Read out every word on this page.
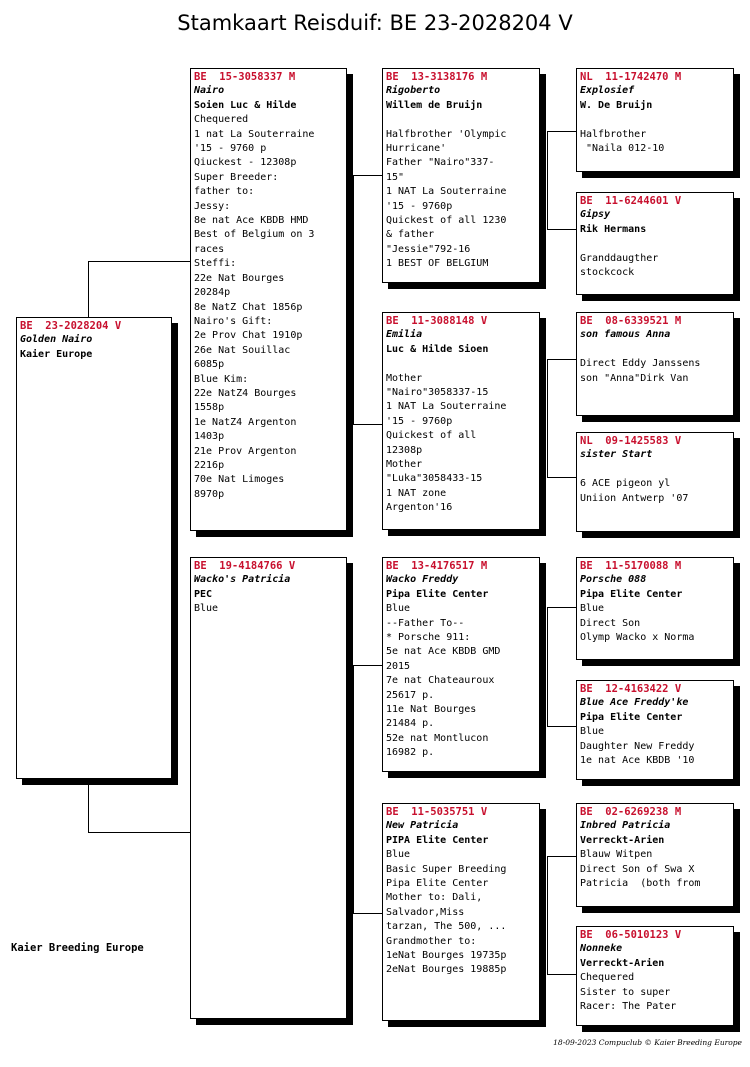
Stamkaart Reisduif: BE 23-2028204 V
BE  23-2028204 V
Golden Nairo
Kaier Europe
BE  15-3058337 M
Nairo
Soien Luc & Hilde
Chequered
1 nat La Souterraine
'15 - 9760 p
Qiuckest - 12308p
Super Breeder:
father to:
Jessy:
8e nat Ace KBDB HMD
Best of Belgium on 3
races
Steffi:
22e Nat Bourges
20284p
8e NatZ Chat 1856p
Nairo's Gift:
2e Prov Chat 1910p
26e Nat Souillac
6085p
Blue Kim:
22e NatZ4 Bourges
1558p
1e NatZ4 Argenton
1403p
21e Prov Argenton
2216p
70e Nat Limoges
8970p
BE  19-4184766 V
Wacko's Patricia
PEC
Blue
BE  13-3138176 M
Rigoberto
Willem de Bruijn

Halfbrother 'Olympic
Hurricane'
Father "Nairo"337-
15"
1 NAT La Souterraine
'15 - 9760p
Quickest of all 1230
& father
"Jessie"792-16
1 BEST OF BELGIUM
BE  11-3088148 V
Emilia
Luc & Hilde Sioen

Mother
"Nairo"3058337-15
1 NAT La Souterraine
'15 - 9760p
Quickest of all
12308p
Mother
"Luka"3058433-15
1 NAT zone
Argenton'16
BE  13-4176517 M
Wacko Freddy
Pipa Elite Center
Blue
--Father To--
* Porsche 911:
5e nat Ace KBDB GMD
2015
7e nat Chateauroux
25617 p.
11e Nat Bourges
21484 p.
52e nat Montlucon
16982 p.
BE  11-5035751 V
New Patricia
PIPA Elite Center
Blue
Basic Super Breeding
Pipa Elite Center
Mother to: Dali,
Salvador,Miss
tarzan, The 500, ...
Grandmother to:
1eNat Bourges 19735p
2eNat Bourges 19885p
NL  11-1742470 M
Explosief
W. De Bruijn

Halfbrother
"Naila 012-10
BE  11-6244601 V
Gipsy
Rik Hermans

Granddaugther
stockcock
BE  08-6339521 M
son famous Anna

Direct Eddy Janssens
son "Anna"Dirk Van
NL  09-1425583 V
sister Start

6 ACE pigeon yl
Uniion Antwerp '07
BE  11-5170088 M
Porsche 088
Pipa Elite Center
Blue
Direct Son
Olymp Wacko x Norma
BE  12-4163422 V
Blue Ace Freddy'ke
Pipa Elite Center
Blue
Daughter New Freddy
1e nat Ace KBDB '10
BE  02-6269238 M
Inbred Patricia
Verreckt-Arien
Blauw Witpen
Direct Son of Swa X
Patricia  (both from
BE  06-5010123 V
Nonneke
Verreckt-Arien
Chequered
Sister to super
Racer: The Pater
Kaier Breeding Europe
18-09-2023 Compuclub © Kaier Breeding Europe
